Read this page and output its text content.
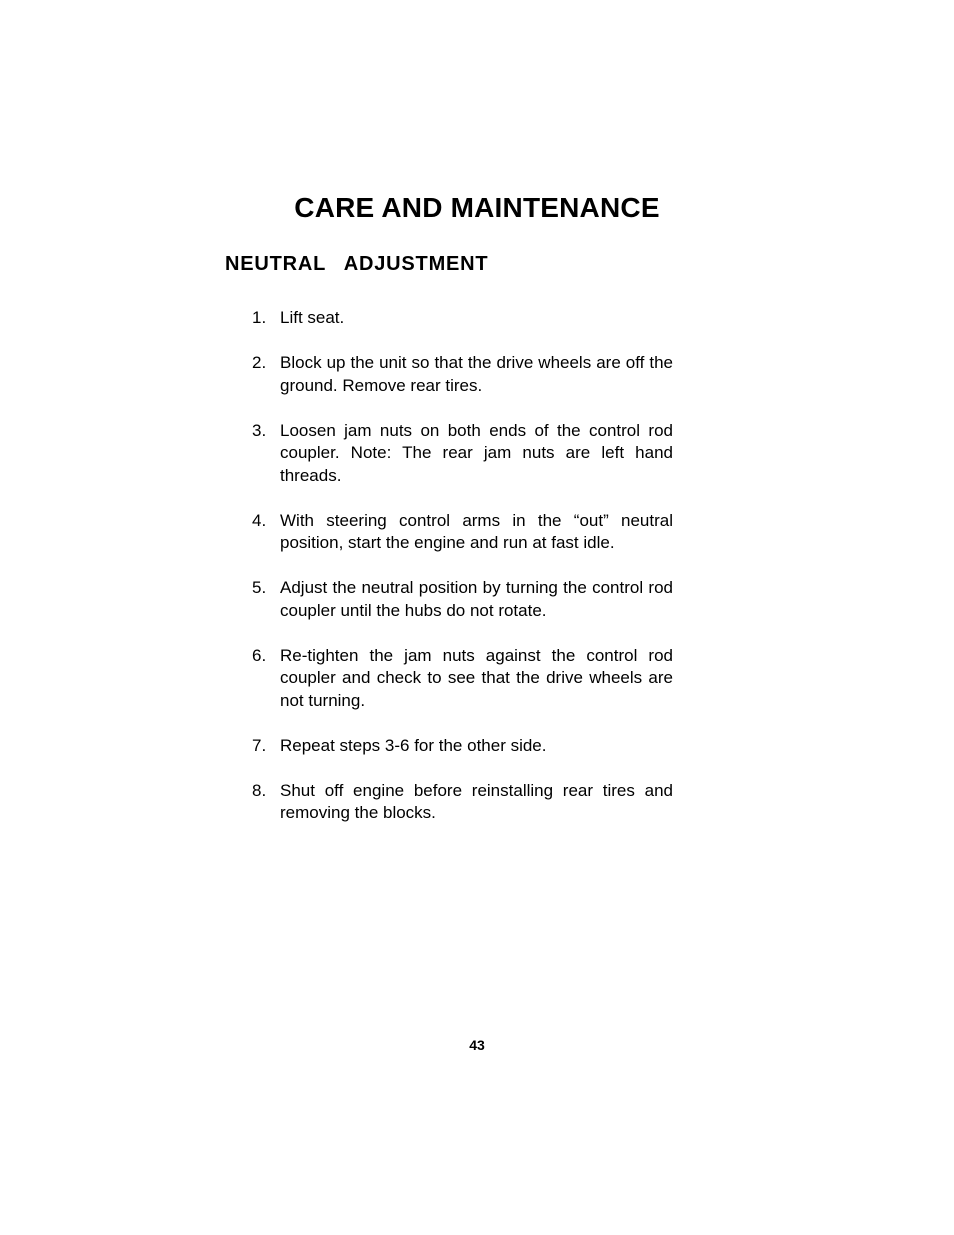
CARE AND MAINTENANCE
NEUTRAL  ADJUSTMENT
1. Lift seat.
2. Block up the unit so that the drive wheels are off the ground. Remove rear tires.
3. Loosen jam nuts on both ends of the control rod coupler. Note: The rear jam nuts are left hand threads.
4. With steering control arms in the “out” neutral position, start the engine and run at fast idle.
5. Adjust the neutral position by turning the control rod coupler until the hubs do not rotate.
6. Re-tighten the jam nuts against the control rod coupler and check to see that the drive wheels are not turning.
7. Repeat steps 3-6 for the other side.
8. Shut off engine before reinstalling rear tires and removing the blocks.
43
